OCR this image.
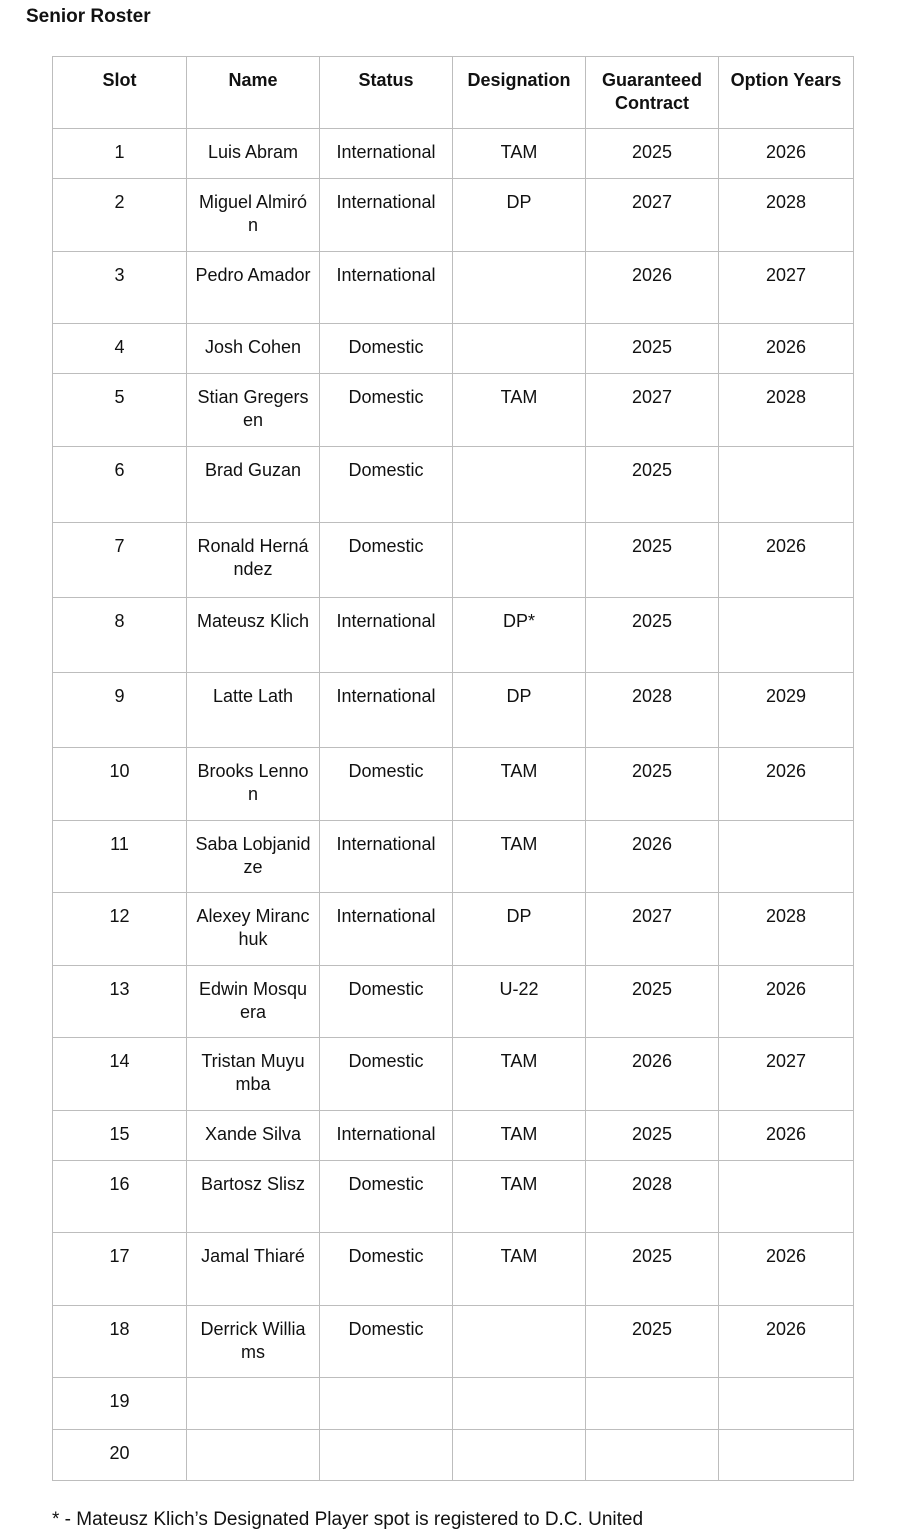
Senior Roster
Slot	Name	Status	Designation	Guaranteed Contract	Option Years
1	Luis Abram	International	TAM	2025	2026
2	Miguel Almirón	International	DP	2027	2028
3	Pedro Amador	International		2026	2027
4	Josh Cohen	Domestic		2025	2026
5	Stian Gregersen	Domestic	TAM	2027	2028
6	Brad Guzan	Domestic		2025	
7	Ronald Hernández	Domestic		2025	2026
8	Mateusz Klich	International	DP*	2025	
9	Latte Lath	International	DP	2028	2029
10	Brooks Lennon	Domestic	TAM	2025	2026
11	Saba Lobjanidze	International	TAM	2026	
12	Alexey Miranchuk	International	DP	2027	2028
13	Edwin Mosquera	Domestic	U-22	2025	2026
14	Tristan Muyumba	Domestic	TAM	2026	2027
15	Xande Silva	International	TAM	2025	2026
16	Bartosz Slisz	Domestic	TAM	2028	
17	Jamal Thiaré	Domestic	TAM	2025	2026
18	Derrick Williams	Domestic		2025	2026
19					
20					
* - Mateusz Klich’s Designated Player spot is registered to D.C. United
